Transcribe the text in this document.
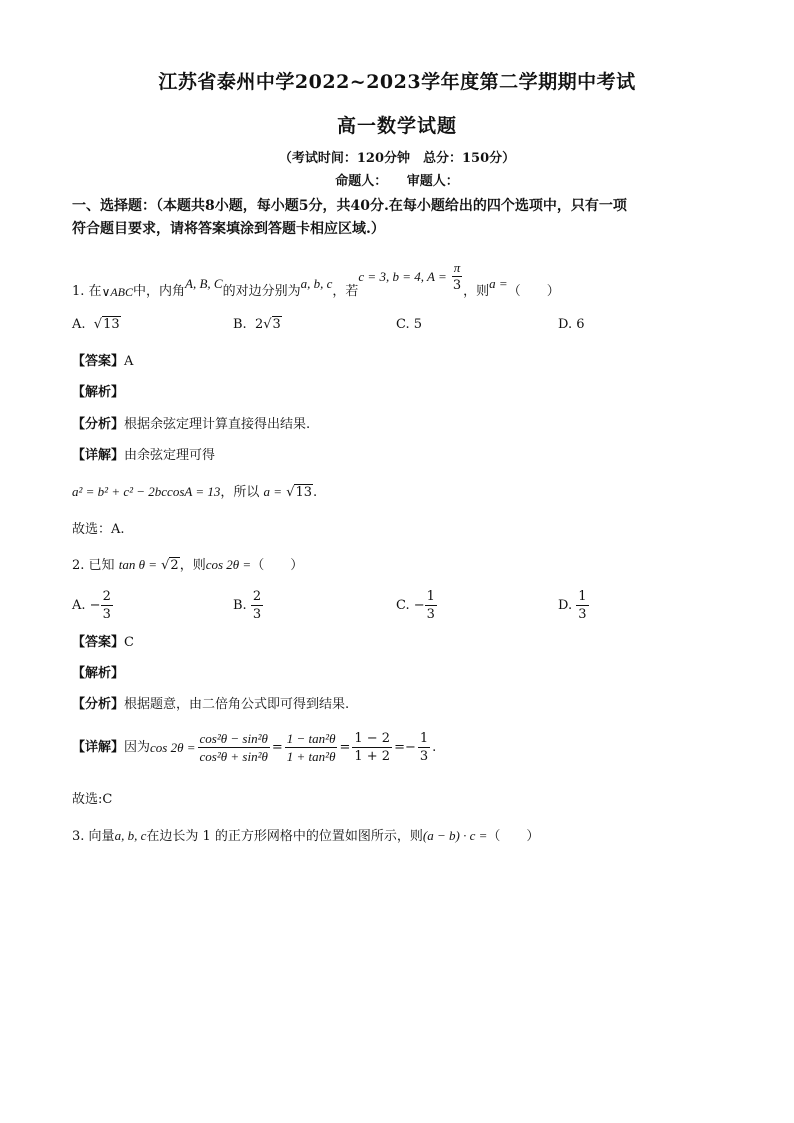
江苏省泰州中学2022~2023学年度第二学期期中考试
高一数学试题
（考试时间：120分钟　总分：150分）
命题人：　　审题人：
一、选择题：（本题共8小题，每小题5分，共40分.在每小题给出的四个选项中，只有一项
符合题目要求，请将答案填涂到答题卡相应区域.）
1.
在 ∨ABC 中，内角
A, B, C
的对边分别为
a, b, c
，若
c = 3, b = 4, A =
$\frac{\pi}{3}$ ，则
a =
（　　）
A. √13	B. 2√3	C. 5	D. 6
【答案】A
【解析】
【分析】根据余弦定理计算直接得出结果.
【详解】由余弦定理可得
a² = b² + c² − 2bccosA = 13，所以 a = √13.
故选：A.
2. 已知 tan θ = √2，则cos 2θ =（　　）
A.
− $\frac{2}{3}$	B.
$\frac{2}{3}$	C.
− $\frac{1}{3}$	D.
$\frac{1}{3}$
【答案】C
【解析】
【分析】根据题意，由二倍角公式即可得到结果.
【详解】 因为 $\cos 2\theta = \frac{\text{cos²θ − sin²θ}}{\text{cos²θ + sin²θ}} = \frac{\text{1 − tan²θ}}{\text{1 + tan²θ}} = \frac{1 - 2}{1 + 2}$ = − $\frac{1}{3}$ .
故选:C
3. 向量a, b, c在边长为 1 的正方形网格中的位置如图所示，则(a − b) · c =（　　）
